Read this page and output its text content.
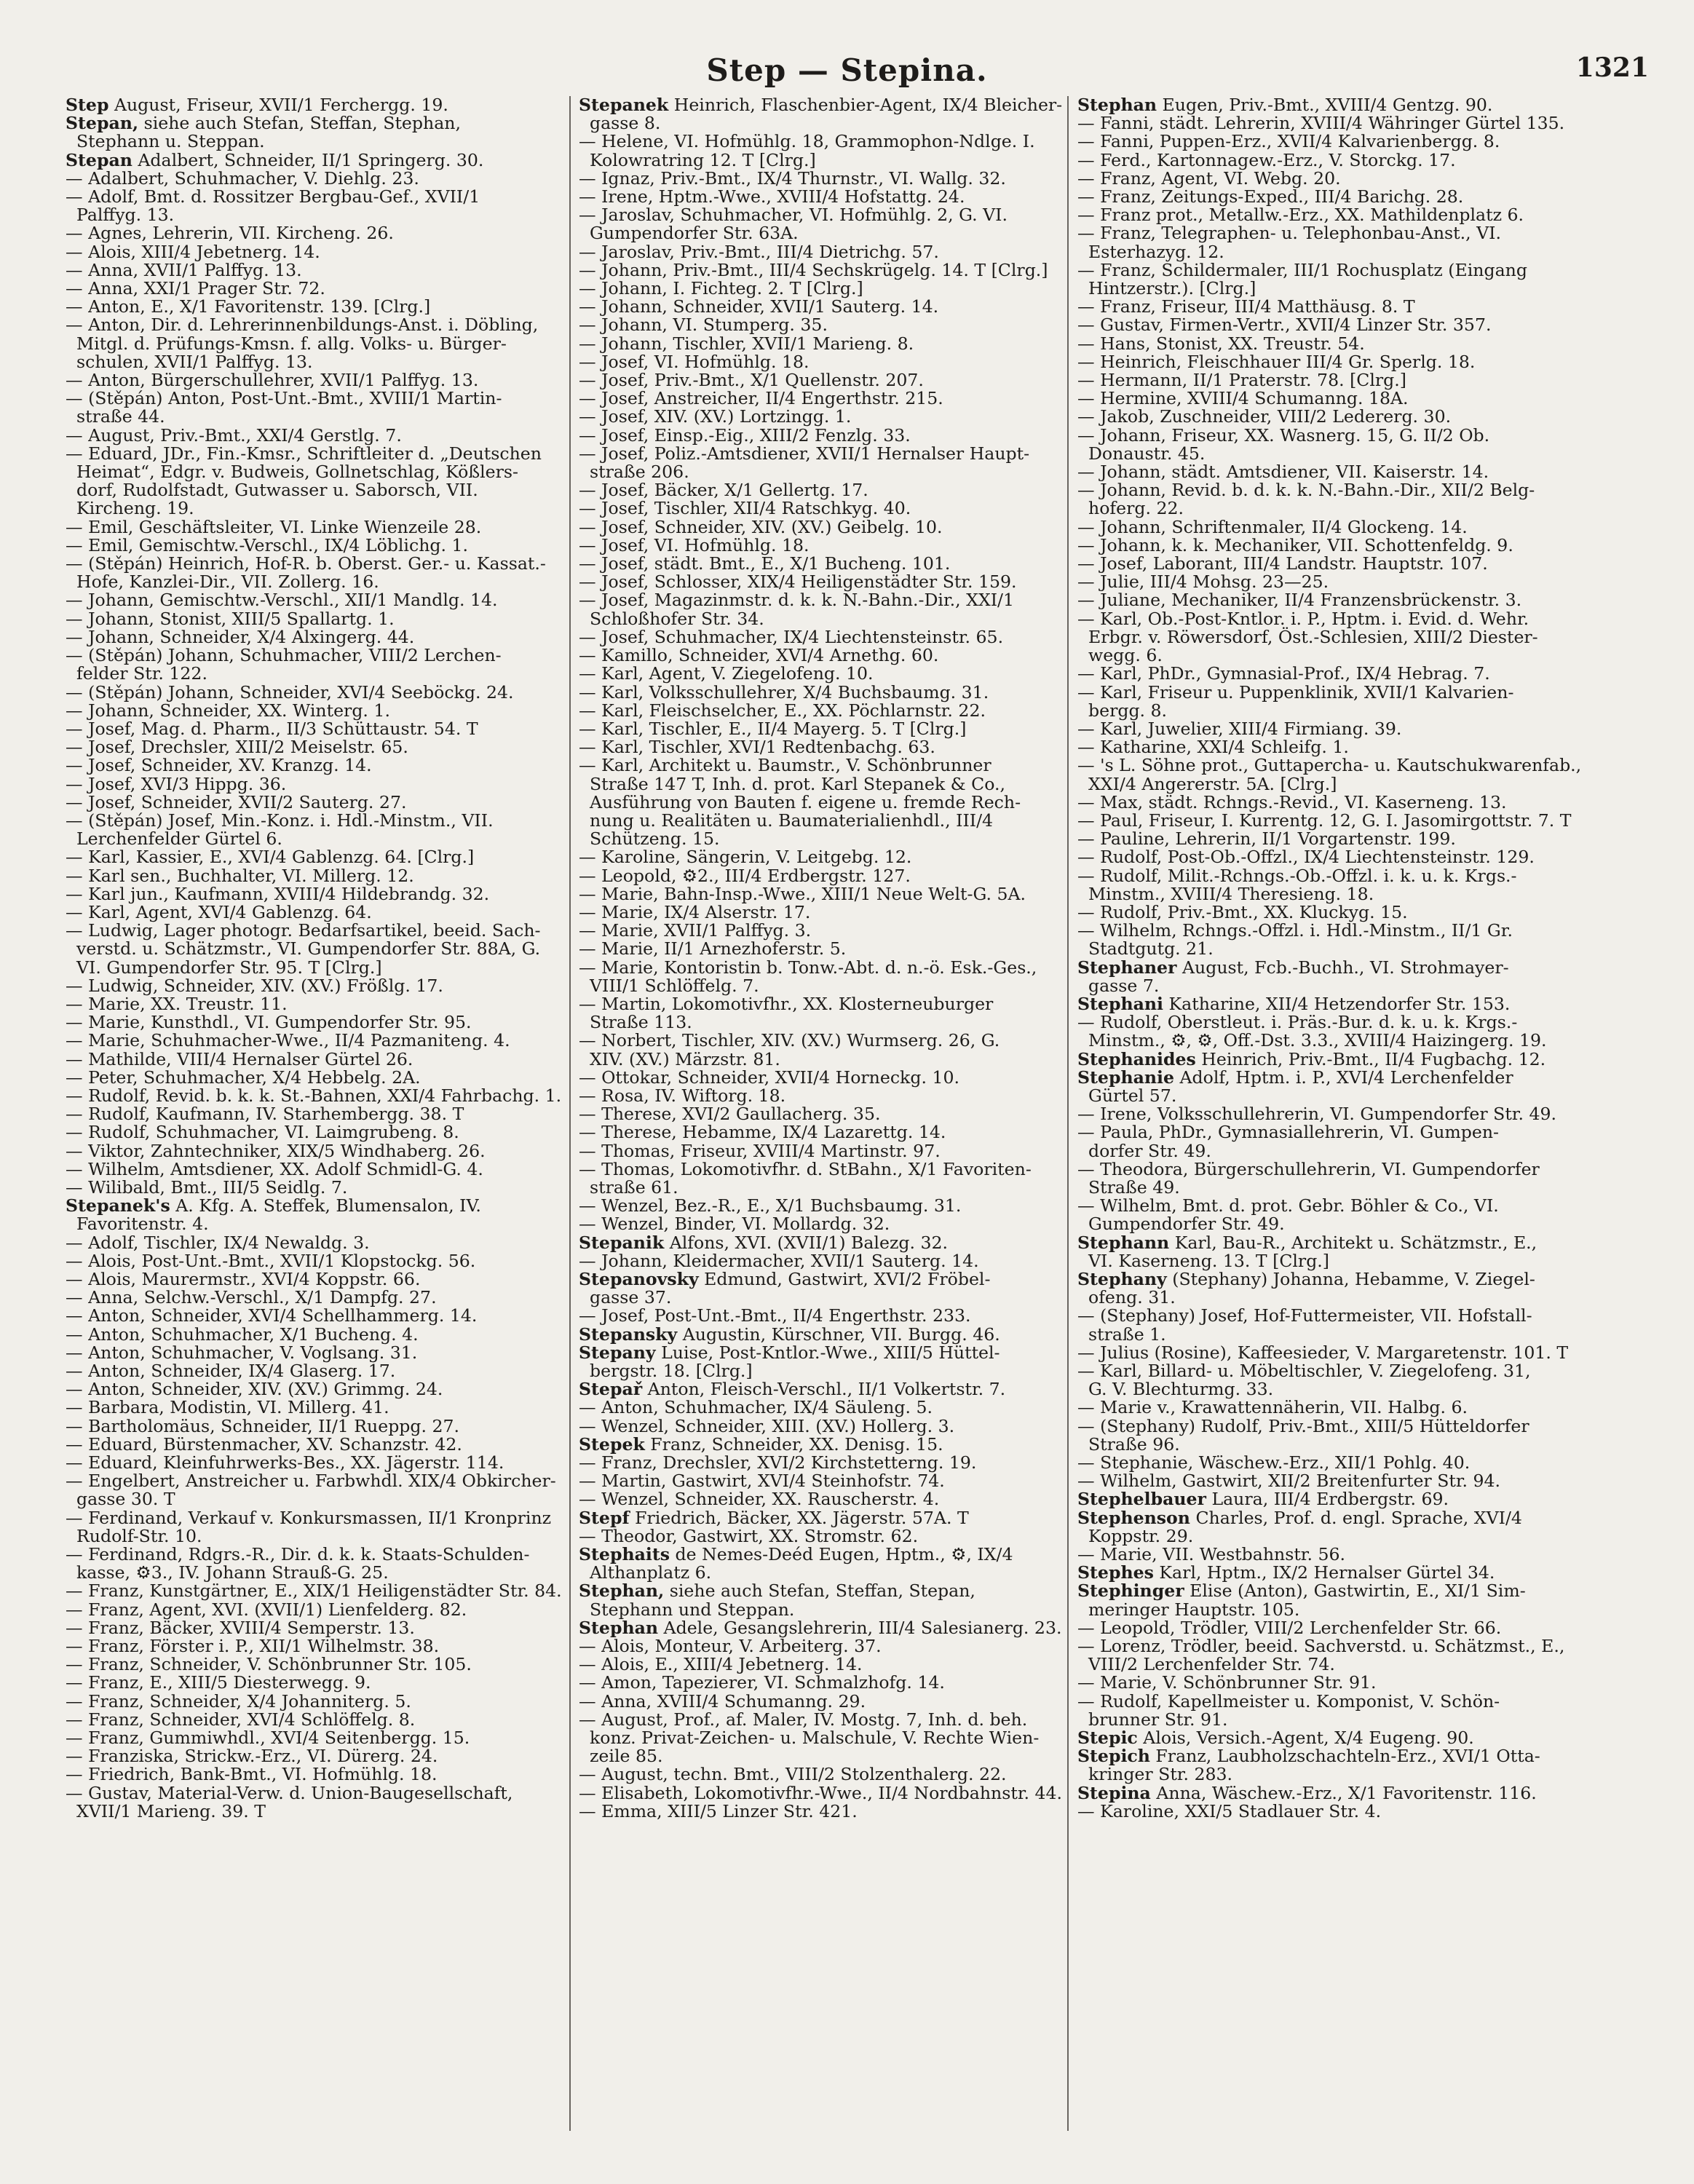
Step — Stepina.	1321

Step August, Friseur, XVII/1 Ferchergg. 19.

Stepan, siehe auch Stefan, Steffan, Stephan,

Stephann u. Steppan.

Stepan Adalbert, Schneider, II/1 Springerg. 30.

— Adalbert, Schuhmacher, V. Diehlg. 23.

— Adolf, Bmt. d. Rossitzer Bergbau-Gef., XVII/1

Palffyg. 13.

— Agnes, Lehrerin, VII. Kircheng. 26.

— Alois, XIII/4 Jebetnerg. 14.

— Anna, XVII/1 Palffyg. 13.

— Anna, XXI/1 Prager Str. 72.

— Anton, E., X/1 Favoritenstr. 139. [Clrg.]

— Anton, Dir. d. Lehrerinnenbildungs-Anst. i. Döbling,

Mitgl. d. Prüfungs-Kmsn. f. allg. Volks- u. Bürger-

schulen, XVII/1 Palffyg. 13.

— Anton, Bürgerschullehrer, XVII/1 Palffyg. 13.

— (Stěpán) Anton, Post-Unt.-Bmt., XVIII/1 Martin-

straße 44.

— August, Priv.-Bmt., XXI/4 Gerstlg. 7.

— Eduard, JDr., Fin.-Kmsr., Schriftleiter d. „Deutschen

Heimat“, Edgr. v. Budweis, Gollnetschlag, Kößlers-

dorf, Rudolfstadt, Gutwasser u. Saborsch, VII.

Kircheng. 19.

— Emil, Geschäftsleiter, VI. Linke Wienzeile 28.

— Emil, Gemischtw.-Verschl., IX/4 Löblichg. 1.

— (Stěpán) Heinrich, Hof-R. b. Oberst. Ger.- u. Kassat.-

Hofe, Kanzlei-Dir., VII. Zollerg. 16.

— Johann, Gemischtw.-Verschl., XII/1 Mandlg. 14.

— Johann, Stonist, XIII/5 Spallartg. 1.

— Johann, Schneider, X/4 Alxingerg. 44.

— (Stěpán) Johann, Schuhmacher, VIII/2 Lerchen-

felder Str. 122.

— (Stěpán) Johann, Schneider, XVI/4 Seeböckg. 24.

— Johann, Schneider, XX. Winterg. 1.

— Josef, Mag. d. Pharm., II/3 Schüttaustr. 54. T

— Josef, Drechsler, XIII/2 Meiselstr. 65.

— Josef, Schneider, XV. Kranzg. 14.

— Josef, XVI/3 Hippg. 36.

— Josef, Schneider, XVII/2 Sauterg. 27.

— (Stěpán) Josef, Min.-Konz. i. Hdl.-Minstm., VII.

Lerchenfelder Gürtel 6.

— Karl, Kassier, E., XVI/4 Gablenzg. 64. [Clrg.]

— Karl sen., Buchhalter, VI. Millerg. 12.

— Karl jun., Kaufmann, XVIII/4 Hildebrandg. 32.

— Karl, Agent, XVI/4 Gablenzg. 64.

— Ludwig, Lager photogr. Bedarfsartikel, beeid. Sach-

verstd. u. Schätzmstr., VI. Gumpendorfer Str. 88A, G.

VI. Gumpendorfer Str. 95. T [Clrg.]

— Ludwig, Schneider, XIV. (XV.) Frößlg. 17.

— Marie, XX. Treustr. 11.

— Marie, Kunsthdl., VI. Gumpendorfer Str. 95.

— Marie, Schuhmacher-Wwe., II/4 Pazmaniteng. 4.

— Mathilde, VIII/4 Hernalser Gürtel 26.

— Peter, Schuhmacher, X/4 Hebbelg. 2A.

— Rudolf, Revid. b. k. k. St.-Bahnen, XXI/4 Fahrbachg. 1.

— Rudolf, Kaufmann, IV. Starhembergg. 38. T

— Rudolf, Schuhmacher, VI. Laimgrubeng. 8.

— Viktor, Zahntechniker, XIX/5 Windhaberg. 26.

— Wilhelm, Amtsdiener, XX. Adolf Schmidl-G. 4.

— Wilibald, Bmt., III/5 Seidlg. 7.

Stepanek's A. Kfg. A. Steffek, Blumensalon, IV.

Favoritenstr. 4.

— Adolf, Tischler, IX/4 Newaldg. 3.

— Alois, Post-Unt.-Bmt., XVII/1 Klopstockg. 56.

— Alois, Maurermstr., XVI/4 Koppstr. 66.

— Anna, Selchw.-Verschl., X/1 Dampfg. 27.

— Anton, Schneider, XVI/4 Schellhammerg. 14.

— Anton, Schuhmacher, X/1 Bucheng. 4.

— Anton, Schuhmacher, V. Voglsang. 31.

— Anton, Schneider, IX/4 Glaserg. 17.

— Anton, Schneider, XIV. (XV.) Grimmg. 24.

— Barbara, Modistin, VI. Millerg. 41.

— Bartholomäus, Schneider, II/1 Rueppg. 27.

— Eduard, Bürstenmacher, XV. Schanzstr. 42.

— Eduard, Kleinfuhrwerks-Bes., XX. Jägerstr. 114.

— Engelbert, Anstreicher u. Farbwhdl. XIX/4 Obkircher-

gasse 30. T

— Ferdinand, Verkauf v. Konkursmassen, II/1 Kronprinz

Rudolf-Str. 10.

— Ferdinand, Rdgrs.-R., Dir. d. k. k. Staats-Schulden-

kasse, ⚙3., IV. Johann Strauß-G. 25.

— Franz, Kunstgärtner, E., XIX/1 Heiligenstädter Str. 84.

— Franz, Agent, XVI. (XVII/1) Lienfelderg. 82.

— Franz, Bäcker, XVIII/4 Semperstr. 13.

— Franz, Förster i. P., XII/1 Wilhelmstr. 38.

— Franz, Schneider, V. Schönbrunner Str. 105.

— Franz, E., XIII/5 Diesterwegg. 9.

— Franz, Schneider, X/4 Johanniterg. 5.

— Franz, Schneider, XVI/4 Schlöffelg. 8.

— Franz, Gummiwhdl., XVI/4 Seitenbergg. 15.

— Franziska, Strickw.-Erz., VI. Dürerg. 24.

— Friedrich, Bank-Bmt., VI. Hofmühlg. 18.

— Gustav, Material-Verw. d. Union-Baugesellschaft,

XVII/1 Marieng. 39. T

Stepanek Heinrich, Flaschenbier-Agent, IX/4 Bleicher-

gasse 8.

— Helene, VI. Hofmühlg. 18, Grammophon-Ndlge. I.

Kolowratring 12. T [Clrg.]

— Ignaz, Priv.-Bmt., IX/4 Thurnstr., VI. Wallg. 32.

— Irene, Hptm.-Wwe., XVIII/4 Hofstattg. 24.

— Jaroslav, Schuhmacher, VI. Hofmühlg. 2, G. VI.

Gumpendorfer Str. 63A.

— Jaroslav, Priv.-Bmt., III/4 Dietrichg. 57.

— Johann, Priv.-Bmt., III/4 Sechskrügelg. 14. T [Clrg.]

— Johann, I. Fichteg. 2. T [Clrg.]

— Johann, Schneider, XVII/1 Sauterg. 14.

— Johann, VI. Stumperg. 35.

— Johann, Tischler, XVII/1 Marieng. 8.

— Josef, VI. Hofmühlg. 18.

— Josef, Priv.-Bmt., X/1 Quellenstr. 207.

— Josef, Anstreicher, II/4 Engerthstr. 215.

— Josef, XIV. (XV.) Lortzingg. 1.

— Josef, Einsp.-Eig., XIII/2 Fenzlg. 33.

— Josef, Poliz.-Amtsdiener, XVII/1 Hernalser Haupt-

straße 206.

— Josef, Bäcker, X/1 Gellertg. 17.

— Josef, Tischler, XII/4 Ratschkyg. 40.

— Josef, Schneider, XIV. (XV.) Geibelg. 10.

— Josef, VI. Hofmühlg. 18.

— Josef, städt. Bmt., E., X/1 Bucheng. 101.

— Josef, Schlosser, XIX/4 Heiligenstädter Str. 159.

— Josef, Magazinmstr. d. k. k. N.-Bahn.-Dir., XXI/1

Schloßhofer Str. 34.

— Josef, Schuhmacher, IX/4 Liechtensteinstr. 65.

— Kamillo, Schneider, XVI/4 Arnethg. 60.

— Karl, Agent, V. Ziegelofeng. 10.

— Karl, Volksschullehrer, X/4 Buchsbaumg. 31.

— Karl, Fleischselcher, E., XX. Pöchlarnstr. 22.

— Karl, Tischler, E., II/4 Mayerg. 5. T [Clrg.]

— Karl, Tischler, XVI/1 Redtenbachg. 63.

— Karl, Architekt u. Baumstr., V. Schönbrunner

Straße 147 T, Inh. d. prot. Karl Stepanek & Co.,

Ausführung von Bauten f. eigene u. fremde Rech-

nung u. Realitäten u. Baumaterialienhdl., III/4

Schützeng. 15.

— Karoline, Sängerin, V. Leitgebg. 12.

— Leopold, ⚙2., III/4 Erdbergstr. 127.

— Marie, Bahn-Insp.-Wwe., XIII/1 Neue Welt-G. 5A.

— Marie, IX/4 Alserstr. 17.

— Marie, XVII/1 Palffyg. 3.

— Marie, II/1 Arnezhoferstr. 5.

— Marie, Kontoristin b. Tonw.-Abt. d. n.-ö. Esk.-Ges.,

VIII/1 Schlöffelg. 7.

— Martin, Lokomotivfhr., XX. Klosterneuburger

Straße 113.

— Norbert, Tischler, XIV. (XV.) Wurmserg. 26, G.

XIV. (XV.) Märzstr. 81.

— Ottokar, Schneider, XVII/4 Horneckg. 10.

— Rosa, IV. Wiftorg. 18.

— Therese, XVI/2 Gaullacherg. 35.

— Therese, Hebamme, IX/4 Lazarettg. 14.

— Thomas, Friseur, XVIII/4 Martinstr. 97.

— Thomas, Lokomotivfhr. d. StBahn., X/1 Favoriten-

straße 61.

— Wenzel, Bez.-R., E., X/1 Buchsbaumg. 31.

— Wenzel, Binder, VI. Mollardg. 32.

Stepanik Alfons, XVI. (XVII/1) Balezg. 32.

— Johann, Kleidermacher, XVII/1 Sauterg. 14.

Stepanovsky Edmund, Gastwirt, XVI/2 Fröbel-

gasse 37.

— Josef, Post-Unt.-Bmt., II/4 Engerthstr. 233.

Stepansky Augustin, Kürschner, VII. Burgg. 46.

Stepany Luise, Post-Kntlor.-Wwe., XIII/5 Hüttel-

bergstr. 18. [Clrg.]

Stepař Anton, Fleisch-Verschl., II/1 Volkertstr. 7.

— Anton, Schuhmacher, IX/4 Säuleng. 5.

— Wenzel, Schneider, XIII. (XV.) Hollerg. 3.

Stepek Franz, Schneider, XX. Denisg. 15.

— Franz, Drechsler, XVI/2 Kirchstetterng. 19.

— Martin, Gastwirt, XVI/4 Steinhofstr. 74.

— Wenzel, Schneider, XX. Rauscherstr. 4.

Stepf Friedrich, Bäcker, XX. Jägerstr. 57A. T

— Theodor, Gastwirt, XX. Stromstr. 62.

Stephaits de Nemes-Deéd Eugen, Hptm., ⚙, IX/4

Althanplatz 6.

Stephan, siehe auch Stefan, Steffan, Stepan,

Stephann und Steppan.

Stephan Adele, Gesangslehrerin, III/4 Salesianerg. 23.

— Alois, Monteur, V. Arbeiterg. 37.

— Alois, E., XIII/4 Jebetnerg. 14.

— Amon, Tapezierer, VI. Schmalzhofg. 14.

— Anna, XVIII/4 Schumanng. 29.

— August, Prof., af. Maler, IV. Mostg. 7, Inh. d. beh.

konz. Privat-Zeichen- u. Malschule, V. Rechte Wien-

zeile 85.

— August, techn. Bmt., VIII/2 Stolzenthalerg. 22.

— Elisabeth, Lokomotivfhr.-Wwe., II/4 Nordbahnstr. 44.

— Emma, XIII/5 Linzer Str. 421.

Stephan Eugen, Priv.-Bmt., XVIII/4 Gentzg. 90.

— Fanni, städt. Lehrerin, XVIII/4 Währinger Gürtel 135.

— Fanni, Puppen-Erz., XVII/4 Kalvarienbergg. 8.

— Ferd., Kartonnagew.-Erz., V. Storckg. 17.

— Franz, Agent, VI. Webg. 20.

— Franz, Zeitungs-Exped., III/4 Barichg. 28.

— Franz prot., Metallw.-Erz., XX. Mathildenplatz 6.

— Franz, Telegraphen- u. Telephonbau-Anst., VI.

Esterhazyg. 12.

— Franz, Schildermaler, III/1 Rochusplatz (Eingang

Hintzerstr.). [Clrg.]

— Franz, Friseur, III/4 Matthäusg. 8. T

— Gustav, Firmen-Vertr., XVII/4 Linzer Str. 357.

— Hans, Stonist, XX. Treustr. 54.

— Heinrich, Fleischhauer III/4 Gr. Sperlg. 18.

— Hermann, II/1 Praterstr. 78. [Clrg.]

— Hermine, XVIII/4 Schumanng. 18A.

— Jakob, Zuschneider, VIII/2 Ledererg. 30.

— Johann, Friseur, XX. Wasnerg. 15, G. II/2 Ob.

Donaustr. 45.

— Johann, städt. Amtsdiener, VII. Kaiserstr. 14.

— Johann, Revid. b. d. k. k. N.-Bahn.-Dir., XII/2 Belg-

hoferg. 22.

— Johann, Schriftenmaler, II/4 Glockeng. 14.

— Johann, k. k. Mechaniker, VII. Schottenfeldg. 9.

— Josef, Laborant, III/4 Landstr. Hauptstr. 107.

— Julie, III/4 Mohsg. 23—25.

— Juliane, Mechaniker, II/4 Franzensbrückenstr. 3.

— Karl, Ob.-Post-Kntlor. i. P., Hptm. i. Evid. d. Wehr.

Erbgr. v. Röwersdorf, Öst.-Schlesien, XIII/2 Diester-

wegg. 6.

— Karl, PhDr., Gymnasial-Prof., IX/4 Hebrag. 7.

— Karl, Friseur u. Puppenklinik, XVII/1 Kalvarien-

bergg. 8.

— Karl, Juwelier, XIII/4 Firmiang. 39.

— Katharine, XXI/4 Schleifg. 1.

— 's L. Söhne prot., Guttapercha- u. Kautschukwarenfab.,

XXI/4 Angererstr. 5A. [Clrg.]

— Max, städt. Rchngs.-Revid., VI. Kaserneng. 13.

— Paul, Friseur, I. Kurrentg. 12, G. I. Jasomirgottstr. 7. T

— Pauline, Lehrerin, II/1 Vorgartenstr. 199.

— Rudolf, Post-Ob.-Offzl., IX/4 Liechtensteinstr. 129.

— Rudolf, Milit.-Rchngs.-Ob.-Offzl. i. k. u. k. Krgs.-

Minstm., XVIII/4 Theresieng. 18.

— Rudolf, Priv.-Bmt., XX. Kluckyg. 15.

— Wilhelm, Rchngs.-Offzl. i. Hdl.-Minstm., II/1 Gr.

Stadtgutg. 21.

Stephaner August, Fcb.-Buchh., VI. Strohmayer-

gasse 7.

Stephani Katharine, XII/4 Hetzendorfer Str. 153.

— Rudolf, Oberstleut. i. Präs.-Bur. d. k. u. k. Krgs.-

Minstm., ⚙, ⚙, Off.-Dst. 3.3., XVIII/4 Haizingerg. 19.

Stephanides Heinrich, Priv.-Bmt., II/4 Fugbachg. 12.

Stephanie Adolf, Hptm. i. P., XVI/4 Lerchenfelder

Gürtel 57.

— Irene, Volksschullehrerin, VI. Gumpendorfer Str. 49.

— Paula, PhDr., Gymnasiallehrerin, VI. Gumpen-

dorfer Str. 49.

— Theodora, Bürgerschullehrerin, VI. Gumpendorfer

Straße 49.

— Wilhelm, Bmt. d. prot. Gebr. Böhler & Co., VI.

Gumpendorfer Str. 49.

Stephann Karl, Bau-R., Architekt u. Schätzmstr., E.,

VI. Kaserneng. 13. T [Clrg.]

Stephany (Stephany) Johanna, Hebamme, V. Ziegel-

ofeng. 31.

— (Stephany) Josef, Hof-Futtermeister, VII. Hofstall-

straße 1.

— Julius (Rosine), Kaffeesieder, V. Margaretenstr. 101. T

— Karl, Billard- u. Möbeltischler, V. Ziegelofeng. 31,

G. V. Blechturmg. 33.

— Marie v., Krawattennäherin, VII. Halbg. 6.

— (Stephany) Rudolf, Priv.-Bmt., XIII/5 Hütteldorfer

Straße 96.

— Stephanie, Wäschew.-Erz., XII/1 Pohlg. 40.

— Wilhelm, Gastwirt, XII/2 Breitenfurter Str. 94.

Stephelbauer Laura, III/4 Erdbergstr. 69.

Stephenson Charles, Prof. d. engl. Sprache, XVI/4

Koppstr. 29.

— Marie, VII. Westbahnstr. 56.

Stephes Karl, Hptm., IX/2 Hernalser Gürtel 34.

Stephinger Elise (Anton), Gastwirtin, E., XI/1 Sim-

meringer Hauptstr. 105.

— Leopold, Trödler, VIII/2 Lerchenfelder Str. 66.

— Lorenz, Trödler, beeid. Sachverstd. u. Schätzmst., E.,

VIII/2 Lerchenfelder Str. 74.

— Marie, V. Schönbrunner Str. 91.

— Rudolf, Kapellmeister u. Komponist, V. Schön-

brunner Str. 91.

Stepic Alois, Versich.-Agent, X/4 Eugeng. 90.

Stepich Franz, Laubholzschachteln-Erz., XVI/1 Otta-

kringer Str. 283.

Stepina Anna, Wäschew.-Erz., X/1 Favoritenstr. 116.

— Karoline, XXI/5 Stadlauer Str. 4.
